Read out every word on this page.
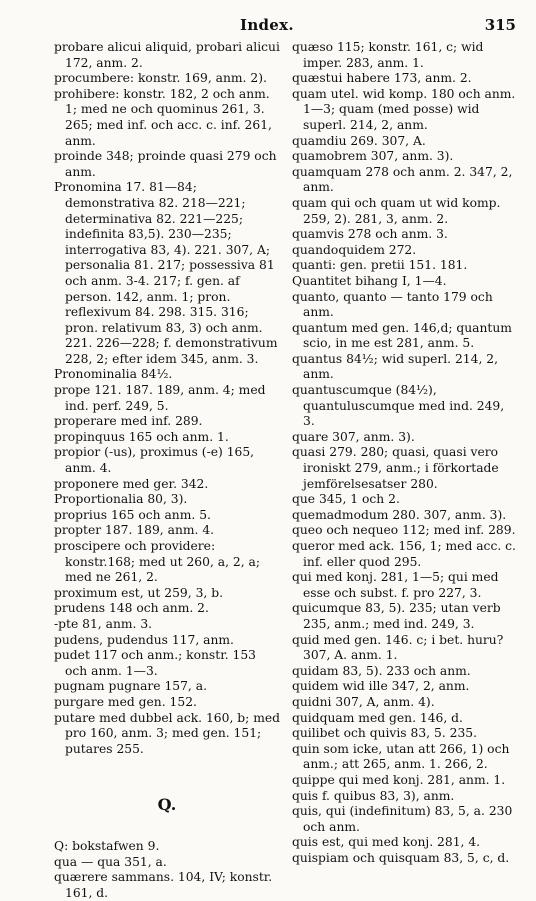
Index.	315

probare alicui aliquid, probari alicui 172, anm. 2.

procumbere: konstr. 169, anm. 2).

prohibere: konstr. 182, 2 och anm. 1; med ne och quominus 261, 3. 265; med inf. och acc. c. inf. 261, anm.

proinde 348; proinde quasi 279 och anm.

Pronomina 17. 81—84; demonstrativa 82. 218—221; determinativa 82. 221—225; indefinita 83,5). 230—235; interrogativa 83, 4). 221. 307, A; personalia 81. 217; possessiva 81 och anm. 3-4. 217; f. gen. af person. 142, anm. 1; pron. reflexivum 84. 298. 315. 316; pron. relativum 83, 3) och anm. 221. 226—228; f. demonstrativum 228, 2; efter idem 345, anm. 3.

Pronominalia 84½.

prope 121. 187. 189, anm. 4; med ind. perf. 249, 5.

properare med inf. 289.

propinquus 165 och anm. 1.

propior (-us), proximus (-e) 165, anm. 4.

proponere med ger. 342.

Proportionalia 80, 3).

proprius 165 och anm. 5.

propter 187. 189, anm. 4.

proscipere och providere: konstr.168; med ut 260, a, 2, a; med ne 261, 2.

proximum est, ut 259, 3, b.

prudens 148 och anm. 2.

-pte 81, anm. 3.

pudens, pudendus 117, anm.

pudet 117 och anm.; konstr. 153 och anm. 1—3.

pugnam pugnare 157, a.

purgare med gen. 152.

putare med dubbel ack. 160, b; med pro 160, anm. 3; med gen. 151; putares 255.

Q.

Q: bokstafwen 9.

qua — qua 351, a.

quærere sammans. 104, IV; konstr. 161, d.

quæso 115; konstr. 161, c; wid imper. 283, anm. 1.

quæstui habere 173, anm. 2.

quam utel. wid komp. 180 och anm. 1—3; quam (med posse) wid superl. 214, 2, anm.

quamdiu 269. 307, A.

quamobrem 307, anm. 3).

quamquam 278 och anm. 2. 347, 2, anm.

quam qui och quam ut wid komp. 259, 2). 281, 3, anm. 2.

quamvis 278 och anm. 3.

quandoquidem 272.

quanti: gen. pretii 151. 181.

Quantitet bihang I, 1—4.

quanto, quanto — tanto 179 och anm.

quantum med gen. 146,d; quantum scio, in me est 281, anm. 5.

quantus 84½; wid superl. 214, 2, anm.

quantuscumque (84½), quantuluscumque med ind. 249, 3.

quare 307, anm. 3).

quasi 279. 280; quasi, quasi vero ironiskt 279, anm.; i förkortade jemförelsesatser 280.

que 345, 1 och 2.

quemadmodum 280. 307, anm. 3).

queo och nequeo 112; med inf. 289.

queror med ack. 156, 1; med acc. c. inf. eller quod 295.

qui med konj. 281, 1—5; qui med esse och subst. f. pro 227, 3.

quicumque 83, 5). 235; utan verb 235, anm.; med ind. 249, 3.

quid med gen. 146. c; i bet. huru? 307, A. anm. 1.

quidam 83, 5). 233 och anm.

quidem wid ille 347, 2, anm.

quidni 307, A, anm. 4).

quidquam med gen. 146, d.

quilibet och quivis 83, 5. 235.

quin som icke, utan att 266, 1) och anm.; att 265, anm. 1. 266, 2.

quippe qui med konj. 281, anm. 1.

quis f. quibus 83, 3), anm.

quis, qui (indefinitum) 83, 5, a. 230 och anm.

quis est, qui med konj. 281, 4.

quispiam och quisquam 83, 5, c, d.
